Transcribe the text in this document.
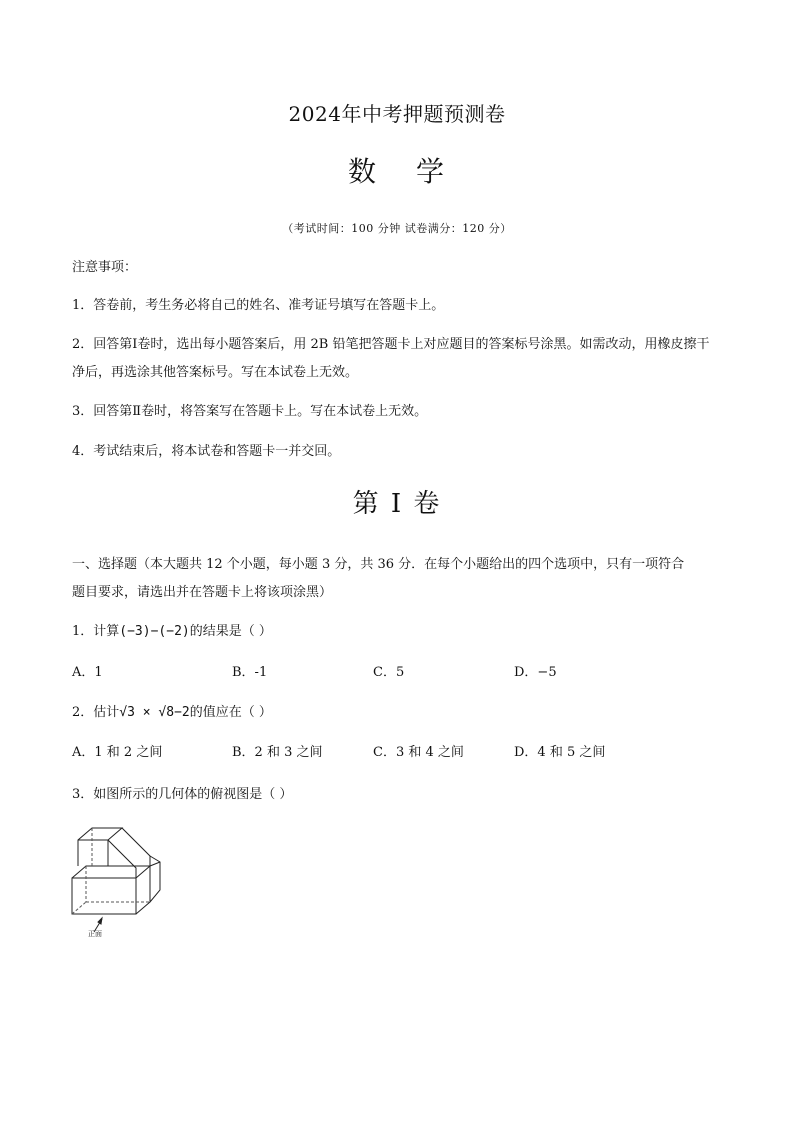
2024年中考押题预测卷
数 学
（考试时间：100 分钟 试卷满分：120 分）
注意事项：
1．答卷前，考生务必将自己的姓名、准考证号填写在答题卡上。
2．回答第Ⅰ卷时，选出每小题答案后，用 2B 铅笔把答题卡上对应题目的答案标号涂黑。如需改动，用橡皮擦干净后，再选涂其他答案标号。写在本试卷上无效。
3．回答第Ⅱ卷时，将答案写在答题卡上。写在本试卷上无效。
4．考试结束后，将本试卷和答题卡一并交回。
第 I 卷
一、选择题（本大题共 12 个小题，每小题 3 分，共 36 分．在每个小题给出的四个选项中，只有一项符合
题目要求，请选出并在答题卡上将该项涂黑）
1．计算(−3)−(−2)的结果是（ ）
A．1	B．-1	C．5	D．−5
2．估计√3 × √8−2的值应在（ ）
A．1 和 2 之间	B．2 和 3 之间	C．3 和 4 之间	D．4 和 5 之间
3．如图所示的几何体的俯视图是（ ）
正面
